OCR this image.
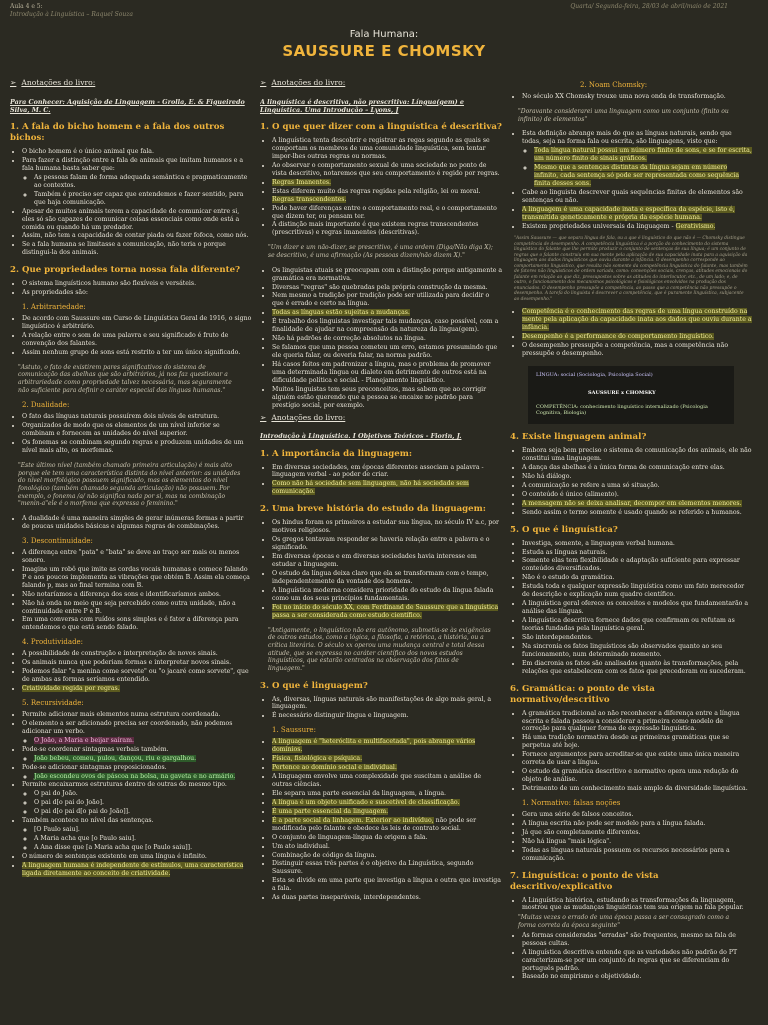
Aula 4 e 5:
Introdução à Linguística – Raquel Souza
Quarta/ Segunda-feira, 28/03 de abril/maio de 2021
Fala Humana:
SAUSSURE E CHOMSKY
➢ Anotações do livro:
Para Conhecer: Aquisição de Linguagem - Grolla, E. & Figueiredo Silva, M. C.
1. A fala do bicho homem e a fala dos outros bichos:
• O bicho homem é o único animal que fala.
• Para fazer a distinção entre a fala de animais que imitam humanos e a fala humana basta saber que:
◦ As pessoas falam de forma adequada semântica e pragmaticamente ao contextos.
◦ Também é preciso ser capaz que entendemos e fazer sentido, para que haja comunicação.
• Apesar de muitos animais terem a capacidade de comunicar entre si, eles só são capazes de comunicar coisas essenciais como onde está a comida ou quando há um predador.
• Assim, não tem a capacidade de contar piada ou fazer fofoca, como nós.
• Se a fala humana se limitasse a comunicação, não teria o porque distingui-la dos animais.
2. Que propriedades torna nossa fala diferente?
• O sistema linguísticos humano são flexíveis e versáteis.
• As propriedades são:
1. Arbitrariedade:
• De acordo com Saussure em Curso de Linguística Geral de 1916, o signo linguístico é arbitrário.
• A relação entre o som de uma palavra e seu significado é fruto de convenção dos falantes.
• Assim nenhum grupo de sons está restrito a ter um único significado.
"Astuto, o fato de existirem pares significativos do sistema de comunicação das abelhas que são arbitrários, já nos faz questionar a arbitrariedade como propriedade talvez necessária, mas seguramente não suficiente para definir o caráter especial das línguas humanas."
2. Dualidade:
• O fato das línguas naturais possuírem dois níveis de estrutura.
• Organizados de modo que os elementos de um nível inferior se combinam e fornecem as unidades do nível superior.
• Os fonemas se combinam segundo regras e produzem unidades de um nível mais alto, os morfemas.
"Este último nível (também chamado primeira articulação) é mais alto porque ele tem uma característica distinta do nível anterior: as unidades do nível morfológico possuem significado, mas os elementos do nível fonológico (também chamado segunda articulação) não possuem. Por exemplo, o fonema /a/ não significa nada por si, mas na combinação "menin-a"ele é o morfema que expressa o feminino."
• A dualidade é uma maneira simples de gerar inúmeras formas a partir de poucas unidades básicas e algumas regras de combinações.
3. Descontinuidade:
• A diferença entre "pata" e "bata" se deve ao traço ser mais ou menos sonoro.
• Imagine um robô que imite as cordas vocais humanas e comece falando P e aos poucos implementa as vibrações que obtém B. Assim ela começa falando p, mas ao final termina com B.
• Não notaríamos a diferença dos sons e identificaríamos ambos.
• Não há onda no meio que seja percebido como outra unidade, não a continuidade entre P e B.
• Em uma conversa com ruídos sons simples e é fator a diferença para entendemos o que está sendo falado.
4. Produtividade:
• A possibilidade de construção e interpretação de novos sinais.
• Os animais nunca que poderiam formas e interpretar novos sinais.
• Podemos falar "a menina come sorvete" ou "o jacaré come sorvete", que de ambas as formas seríamos entendido.
• Criatividade regida por regras.
5. Recursividade:
• Permite adicionar mais elementos numa estrutura coordenada.
• O elemento a ser adicionado precisa ser coordenado, não podemos adicionar um verbo.
◦ O João, a Maria e beijar saíram.
• Pode-se coordenar sintagmas verbais também.
◦ João bebeu, comeu, pulou, dançou, riu e gargalhou.
• Pode-se adicionar sintagmas preposicionados.
◦ João escondeu ovos de páscoa na bolsa, na gaveta e no armário.
• Permite encaixarmos estruturas dentro de outras do mesmo tipo.
◦ O pai do João.
◦ O pai d[o pai do João].
◦ O pai d[o pai d[o pai do João]].
• Também acontece no nível das sentenças.
◦ [O Paulo saiu].
◦ A Maria acha que [o Paulo saiu].
◦ A Ana disse que [a Maria acha que [o Paulo saiu]].
• O número de sentenças existente em uma língua é infinito.
• A linguagem humana é independente de estímulos, uma característica ligada diretamente ao conceito de criatividade.
➢ Anotações do livro:
A linguística é descritiva, não prescritiva: Língua(gem) e Linguística. Uma Introdução – Lyons, J
1. O que quer dizer com a linguística é descritiva?
• A linguística tenta descobrir e registrar as regas segundo as quais se comportam os membros de uma comunidade linguística, sem tentar impor-lhes outras regras ou normas.
• Ao observar o comportamento sexual de uma sociedade no ponto de vista descritivo, notaremos que seu comportamento é regido por regras.
• Regras Imanentes.
• Estas diferem muito das regras regidas pela religião, lei ou moral. Regras transcendentes.
• Pode haver diferenças entre o comportamento real, e o comportamento que dizem ter, ou pensam ter.
• A distinção mais importante é que existem regras transcendentes (prescritivas) e regras imanentes (descritivas).
"Um dizer e um não-dizer, se prescritivo, é uma ordem (Diga/Não diga X); se descritivo, é uma afirmação (As pessoas dizem/não dizem X)."
• Os linguistas atuais se preocupam com a distinção porque antigamente a gramática era normativa.
• Diversas "regras" são quebradas pela própria construção da mesma.
• Nem mesmo a tradição por tradição pode ser utilizada para decidir o que é errado e certo na língua.
• Todas as línguas estão sujeitas a mudanças.
• É trabalho dos linguistas investigar tais mudanças, caso possível, com a finalidade de ajudar na compreensão da natureza da língua(gem).
• Não há padrões de correção absolutos na língua.
• Se falamos que uma pessoa cometeu um erro, estamos presumindo que ele queria falar, ou deveria falar, na norma padrão.
• Há casos feitos em padronizar a língua, mas o problema de promover uma determinada língua ou dialeto em detrimento de outros está na dificuldade política e social. - Planejamento linguístico.
• Muitos linguistas tem seus preconceitos, mas sabem que ao corrigir alguém estão querendo que a pessoa se encaixe no padrão para prestígio social, por exemplo.
➢ Anotações do livro:
Introdução à Linguística. I Objetivos Teóricos - Fiorin, J.
1. A importância da linguagem:
• Em diversas sociedades, em épocas diferentes associam a palavra - linguagem verbal - ao poder de criar.
• Como não há sociedade sem linguagem, não há sociedade sem comunicação.
2. Uma breve história do estudo da linguagem:
• Os hindus foram os primeiros a estudar sua língua, no século IV a.c, por motivos religiosos.
• Os gregos tentavam responder se haveria relação entre a palavra e o significado.
• Em diversas épocas e em diversas sociedades havia interesse em estudar a linguagem.
• O estudo da língua deixa claro que ela se transformam com o tempo, independentemente da vontade dos homens.
• A linguística moderna considera prioridade do estudo da língua falada como um dos seus princípios fundamentais.
• Foi no início do século XX, com Ferdinand de Saussure que a linguística passa a ser considerada como estudo científico.
"Antigamente, o linguístico não era autônomo, submetia-se às exigências de outros estudos, como a lógica, a filosofia, a retórica, a história, ou a crítica literária. O século xx operou uma mudança central e total dessa atitude, que se expressa no caráter científico dos novos estudos linguísticos, que estarão centrados na observação dos fatos de linguagem."
3. O que é linguagem?
• As, diversas, línguas naturais são manifestações de algo mais geral, a linguagem.
• É necessário distinguir língua e linguagem.
1. Saussure:
• A linguagem é "heteróclita e multifacetada", pois abrange vários domínios.
• Física, fisiológica e psíquica.
• Pertence ao domínio social e individual.
• A linguagem envolve uma complexidade que suscitam a análise de outras ciências.
• Ele separa uma parte essencial da linguagem, a língua.
• A língua é um objeto unificado e suscetível de classificação.
• É uma parte essencial da linguagem.
• É a parte social da linhagem. Exterior ao indivíduo, não pode ser modificada pelo falante e obedece às leis de contrato social.
• O conjunto de linguagem-língua da origem a fala.
• Um ato individual.
• Combinação de código da língua.
• Distinguir essas três partes é o objetivo da Linguística, segundo Saussure.
• Esta se divide em uma parte que investiga a língua e outra que investiga a fala.
• As duas partes inseparáveis, interdependentes.
2. Noam Chomsky:
• No século XX Chomsky trouxe uma nova onda de transformação.
"Doravante considerarei uma linguagem como um conjunto (finito ou infinito) de elementos"
• Esta definição abrange mais do que as línguas naturais, sendo que todas, seja na forma fala ou escrita, são linguagens, visto que:
◦ Toda língua natural possui um número finito de sons, e se for escrita, um número finito de sinais gráficos.
◦ Mesmo que a sentenças distintas da língua sejam em número infinito, cada sentença só pode ser representada como sequência finita desses sons.
• Cabe ao linguista descrever quais sequências finitas de elementos são sentenças ou não.
• A linguagem é uma capacidade inata e específica da espécie, isto é, transmitida geneticamente e própria da espécie humana.
• Existem propriedades universais da linguagem - Gerativismo.
"Assim Saussure — que separa língua de fala, ou a que é linguístico do que não é — Chomsky distingue competência de desempenho. A competência linguística é a porção do conhecimento do sistema linguístico do falante que lhe permite produzir o conjunto de sentenças de sua língua; é um conjunto de regras que o falante construiu em sua mente pela aplicação de sua capacidade inata para a aquisição da linguagem aos dados linguísticos que ouviu durante a infância. O desempenho corresponde ao comportamento linguístico, que resulta não somente da competência linguística do falante, mas também de fatores não linguísticos de ordem variada, como: convenções sociais, crenças, atitudes emocionais do falante em relação ao que diz, pressupostos sobre as atitudes do interlocutor, etc., de um lado; e, de outro, o funcionamento dos mecanismos psicológicos e fisiológicos envolvidos na produção dos enunciados. O desempenho pressupõe a competência, ao passo que a competência não pressupõe o desempenho. A tarefa do linguista é descrever a competência, que é puramente linguística, subjacente ao desempenho."
• Competência é o conhecimento das regras de uma língua construído na mente pela aplicação da capacidade inata aos dados que ouviu durante a infância.
• Desempenho é a performance do comportamento linguístico.
• O desempenho pressupõe a competência, mas a competência não pressupõe o desempenho.
LÍNGUA: social (Sociologia, Psicologia Social)
SAUSSURE x CHOMSKY
COMPETÊNCIA: conhecimento linguístico internalizado (Psicologia Cognitiva, Biologia)
4. Existe linguagem animal?
• Embora seja bem preciso o sistema de comunicação dos animais, ele não constitui uma linguagem.
• A dança das abelhas é a única forma de comunicação entre elas.
• Não há diálogo.
• A comunicação se refere a uma só situação.
• O conteúdo é único (alimento).
• A mensagem não se deixa analisar, decompor em elementos menores.
• Sendo assim o termo somente é usado quando se referido a humanos.
5. O que é linguística?
• Investiga, somente, a linguagem verbal humana.
• Estuda as línguas naturais.
• Somente elas tem flexibilidade e adaptação suficiente para expressar conteúdos diversificados.
• Não é o estudo da gramática.
• Estuda toda e qualquer expressão linguística como um fato merecedor de descrição e explicação num quadro científico.
• A linguística geral oferece os conceitos e modelos que fundamentarão a análise das línguas.
• A linguística descritiva fornece dados que confirmam ou refutam as teorias fundadas pela linguística geral.
• São interdependentes.
• Na sincronia os fatos linguísticos são observados quanto ao seu funcionamento, num determinado momento.
• Em diacronia os fatos são analisados quanto às transformações, pela relações que estabelecem com os fatos que precederam ou sucederam.
6. Gramática: o ponto de vista normativo/descritivo
• A gramática tradicional ao não reconhecer a diferença entre a língua escrita e falada passou a considerar a primeira como modelo de correção para qualquer forma de expressão linguística.
• Há uma tradição normativa desde as primeiras gramáticas que se perpetua até hoje.
• Fornece argumentos para acreditar-se que existe uma única maneira correta de usar a língua.
• O estudo da gramática descritivo e normativo opera uma redução do objeto de análise.
• Detrimento de um conhecimento mais amplo da diversidade linguística.
1. Normativo: falsas noções
• Gera uma série de falsos conceitos.
• A língua escrita não pode ser modelo para a língua falada.
• Já que são completamente diferentes.
• Não há língua "mais lógica".
• Todas as línguas naturais possuem os recursos necessários para a comunicação.
7. Linguística: o ponto de vista descritivo/explicativo
• A Linguística histórica, estudando as transformações da linguagem, mostrou que as mudanças linguísticas tem sua origem na fala popular.
"Muitas vezes o errado de uma época passa a ser consagrado como a forma correta da época seguinte"
• As formas consideradas "erradas" são frequentes, mesmo na fala de pessoas cultas.
• A linguística descritiva entende que as variedades não padrão do PT caracterizam-se por um conjunto de regras que se diferenciam do português padrão.
• Baseado no empirismo e objetividade.
